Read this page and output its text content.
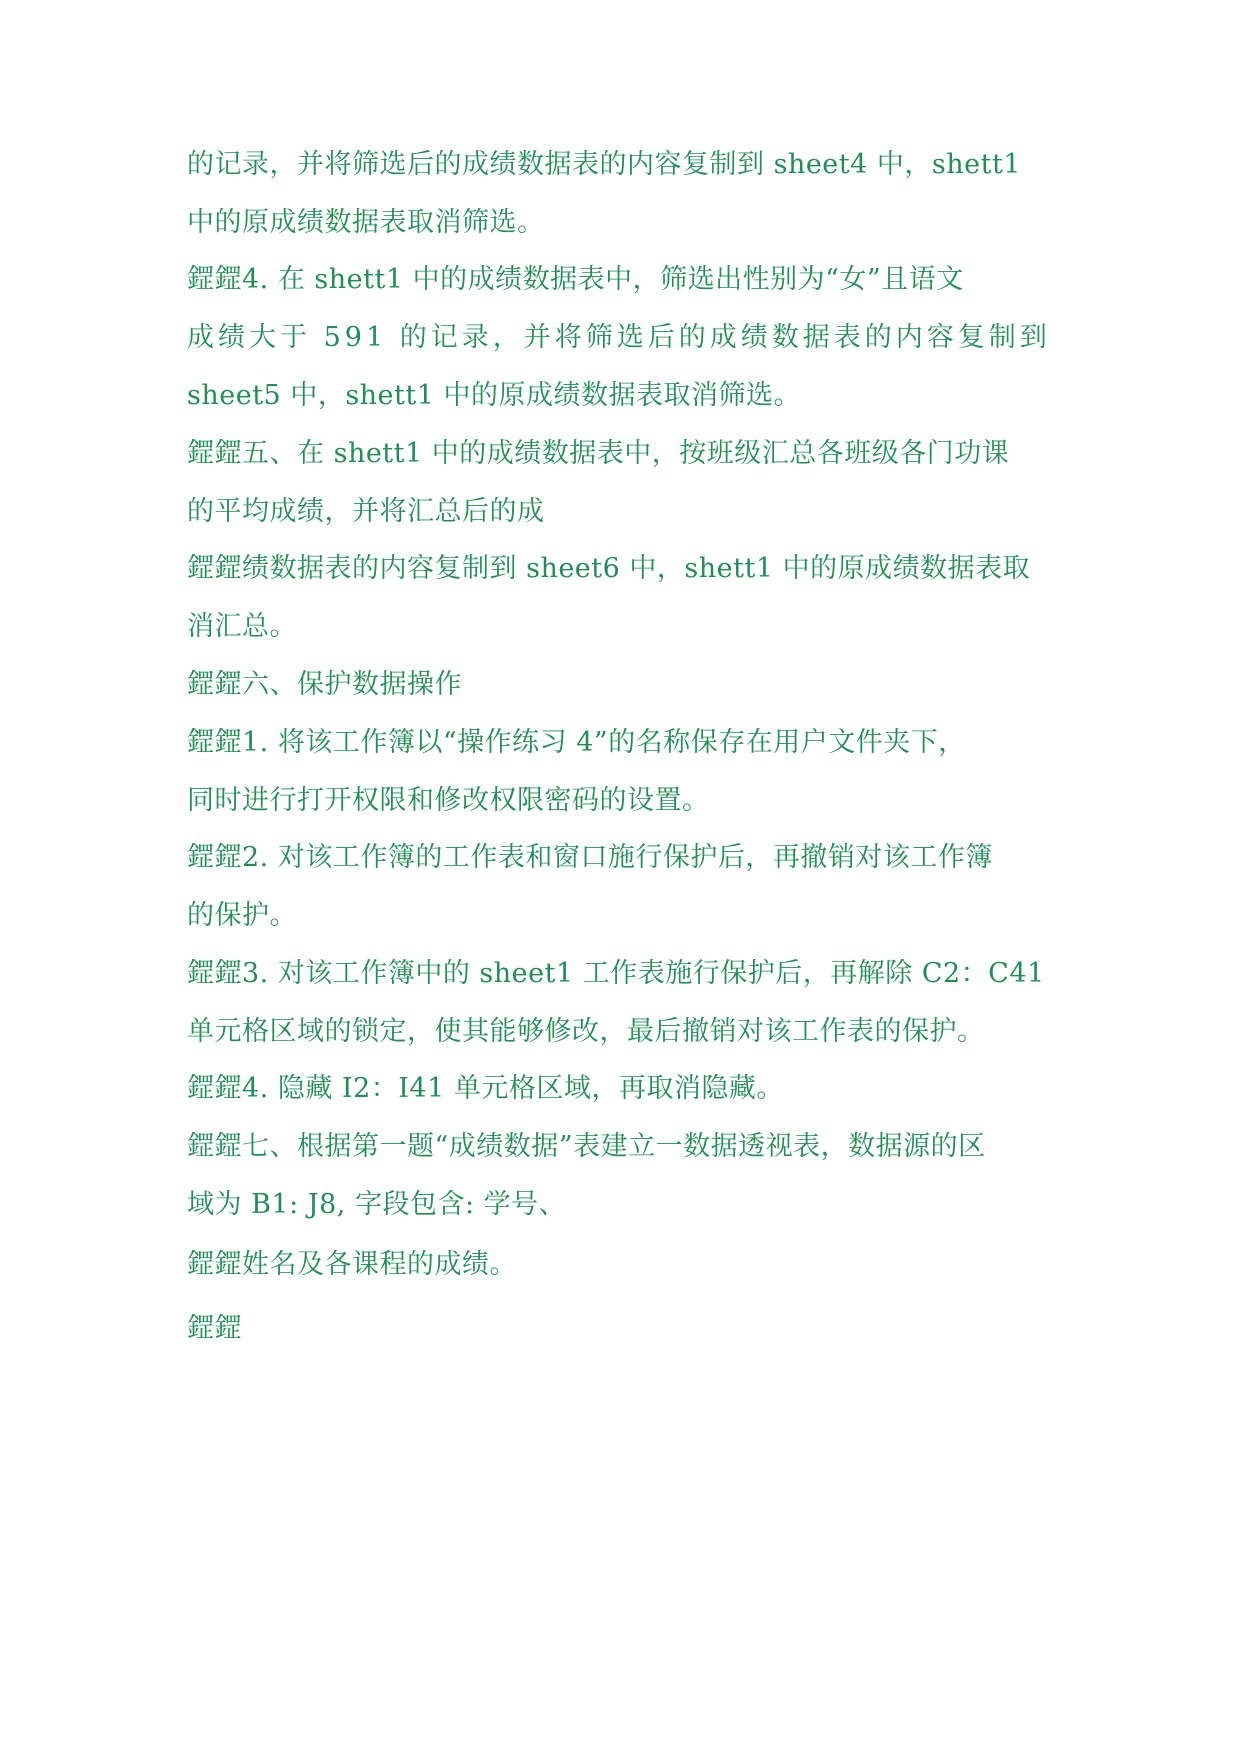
的记录，并将筛选后的成绩数据表的内容复制到 sheet4 中，shett1
中的原成绩数据表取消筛选。
鎠鎠4. 在 shett1 中的成绩数据表中，筛选出性别为“女”且语文
成绩大于 591 的记录，并将筛选后的成绩数据表的内容复制到
sheet5 中，shett1 中的原成绩数据表取消筛选。
鎠鎠五、在 shett1 中的成绩数据表中，按班级汇总各班级各门功课
的平均成绩，并将汇总后的成
鎠鎠绩数据表的内容复制到 sheet6 中，shett1 中的原成绩数据表取
消汇总。
鎠鎠六、保护数据操作
鎠鎠1. 将该工作簿以“操作练习 4”的名称保存在用户文件夹下，
同时进行打开权限和修改权限密码的设置。
鎠鎠2. 对该工作簿的工作表和窗口施行保护后，再撤销对该工作簿
的保护。
鎠鎠3. 对该工作簿中的 sheet1 工作表施行保护后，再解除 C2：C41
单元格区域的锁定，使其能够修改，最后撤销对该工作表的保护。
鎠鎠4. 隐藏 I2：I41 单元格区域，再取消隐藏。
鎠鎠七、根据第一题“成绩数据”表建立一数据透视表，数据源的区
域为 B1: J8, 字段包含: 学号、
鎠鎠姓名及各课程的成绩。
鎠鎠
